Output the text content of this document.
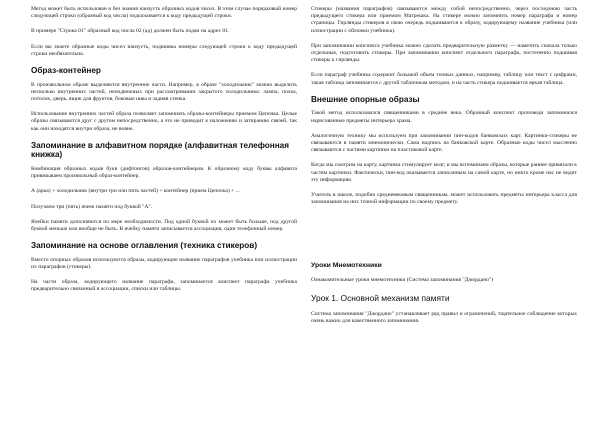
Метод может быть использован и без знания наизусть образных кодов чисел. В этом случае порядковый номер следующей строки (образный код числа) подыскивается к коду предыдущей строки.

В примере "Строка 01" образный код числа 02 (ад) должен быть подан на адрес 01.

Если вы знаете образные коды чисел наизусть, подшивка номеры следующей строки к коду предыдущей строки необязательна.

Образ-контейнер

В произвольном образе выделяются внутренние части. Например, в образе "холодильник" можно выделить несколько внутренних частей, неподвижных при рассматривании закрытого холодильника: лампа, полка, потолок, дверь, ящик для фруктов, боковые швы и задняя стенка.

Использование внутренних частей образа позволяет запоминать образы-контейнеры приемом Цепочка. Целые образы связываются друг с другом непосредственно, а это не приводит к наложению и затиранию связей, так как они находятся внутри образа, не вовне.

Запоминание в алфавитном порядке (алфавитная телефонная книжка)

Комбинация образных кодов букв (дифтонгов) образов-контейнеров. К образному коду буквы алфавита привязываем произвольный образ-контейнер.

А (арка) + холодильник (внутри три или пять частей) + контейнер (прием Цепочка) + ...

Получаем три (пять) ячеек памяти под буквой "А".

Ячейки памяти дополняются по мере необходимости. Под одной буквой их может быть больше, под другой буквой меньше или вообще не быть. В ячейку памяти записывается ассоциация, один телефонный номер.

Запоминание на основе оглавления (техника стикеров)

Вместо опорных образов используются образы, кодирующие название параграфов учебника или иллюстрации их параграфов (стикеры).

На части образа, кодирующего название параграфа, запоминается конспект параграфа учебника предварительно связанный в ассоциации, списки или таблицы.

Стикеры (названия параграфов) связываются между собой непосредственно, через последнюю часть предыдущего стикера или приемом Матрешка. На стикере можно запомнить номер параграфа и номер страницы. Гирлянды стикеров в свою очередь подшиваются к образу, кодирующему название учебника (или иллюстрации с обложки учебника).

При запоминании конспекта учебника можно сделать предварительную разметку — наметить сначала только отдельные, подготовить стикеры. При запоминании конспект отдельного параграфа, постепенно подшивая стикеры к гирлянды.

Если параграф учебника содержит большой объем точных данных, например, таблицу или текст с цифрами, такая таблица запоминается с другой табличным методом, и на часть стикера подшивается яркая таблица.

Внешние опорные образы

Такой метод использовался священниками в средние века. Образный конспект проповеди запоминался нарисованные предметы интерьера храма.

Аналогичную технику мы используем при запоминании пин-кодов банковских карт. Картинки-стикеры не связываются в памяти мнемонически. Сама надпись на банковской карте. Образные коды чисел мысленно связываются с частями картинки на пластиковой карте.

Когда мы смотрим на карту, картинка стимулирует мозг, и мы вспоминаем образы, которые раннее привязали к частям картинки. Фактически, пин-код оказывается записанным на самой карте, но никто кроме нас не видит эту информацию.

Учитель в школе, подобно средневековым священникам, может использовать предметы интерьера класса для запоминания на них точной информации по своему предмету.

Уроки Мнемотехники

Ознакомительные уроки мнемотехники (Система запоминания "Джордано")

Урок 1. Основной механизм памяти

Система запоминания "Джордано" устанавливает ряд правил и ограничений, тщательное соблюдение которых очень важно для качественного запоминания.
